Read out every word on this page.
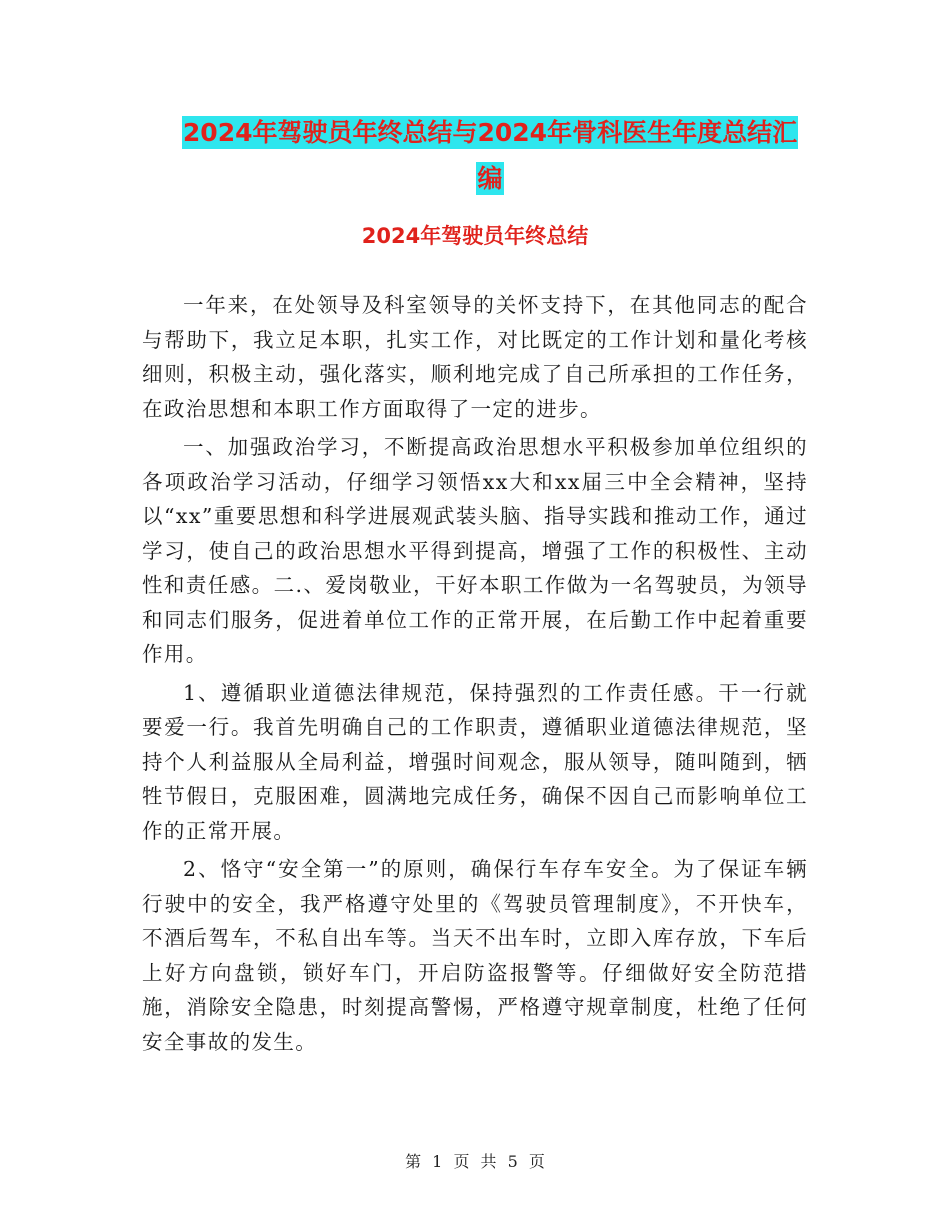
2024年驾驶员年终总结与2024年骨科医生年度总结汇
编
2024年驾驶员年终总结

一年来，在处领导及科室领导的关怀支持下，在其他同志的配合与帮助下，我立足本职，扎实工作，对比既定的工作计划和量化考核细则，积极主动，强化落实，顺利地完成了自己所承担的工作任务，在政治思想和本职工作方面取得了一定的进步。

一、加强政治学习，不断提高政治思想水平积极参加单位组织的各项政治学习活动，仔细学习领悟xx大和xx届三中全会精神，坚持以“xx”重要思想和科学进展观武装头脑、指导实践和推动工作，通过学习，使自己的政治思想水平得到提高，增强了工作的积极性、主动性和责任感。二.、爱岗敬业，干好本职工作做为一名驾驶员，为领导和同志们服务，促进着单位工作的正常开展，在后勤工作中起着重要作用。

1、遵循职业道德法律规范，保持强烈的工作责任感。干一行就要爱一行。我首先明确自己的工作职责，遵循职业道德法律规范，坚持个人利益服从全局利益，增强时间观念，服从领导，随叫随到，牺牲节假日，克服困难，圆满地完成任务，确保不因自己而影响单位工作的正常开展。

2、恪守“安全第一”的原则，确保行车存车安全。为了保证车辆行驶中的安全，我严格遵守处里的《驾驶员管理制度》，不开快车，不酒后驾车，不私自出车等。当天不出车时，立即入库存放，下车后上好方向盘锁，锁好车门，开启防盗报警等。仔细做好安全防范措施，消除安全隐患，时刻提高警惕，严格遵守规章制度，杜绝了任何安全事故的发生。

第 1 页 共 5 页
